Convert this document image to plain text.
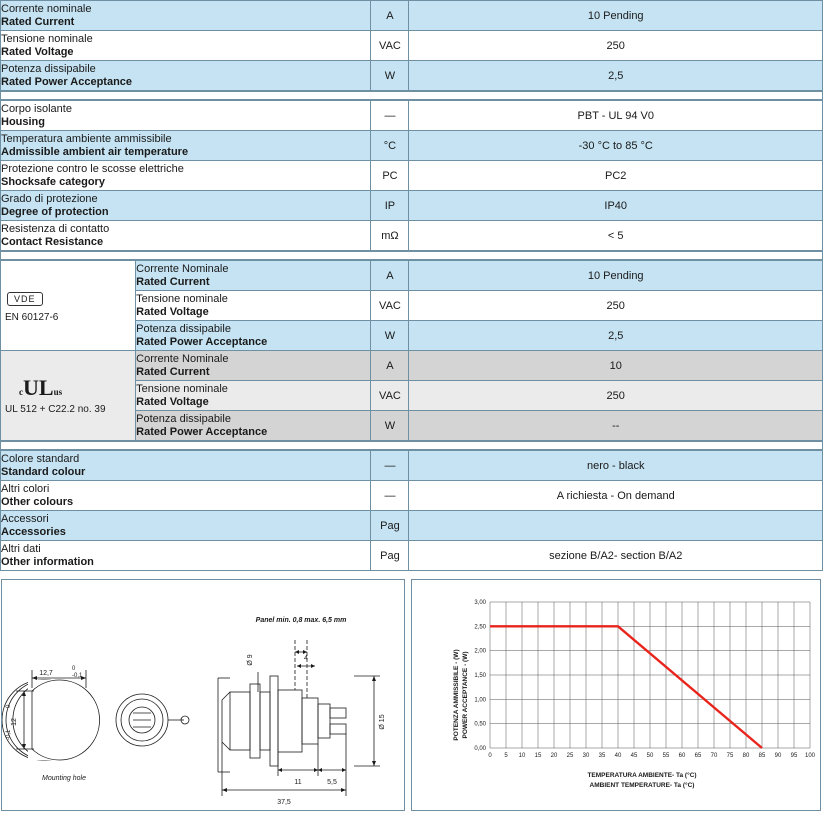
Corrente nominale
Rated Current	A	10 Pending

Tensione nominale
Rated Voltage	VAC	250

Potenza dissipabile
Rated Power Acceptance	W	2,5
Corpo isolante
Housing	—	PBT - UL 94 V0

Temperatura ambiente ammissibile
Admissible ambient air temperature	°C	-30 °C to 85 °C

Protezione contro le scosse elettriche
Shocksafe category	PC	PC2

Grado di protezione
Degree of protection	IP	IP40

Resistenza di contatto
Contact Resistance	mΩ	< 5
VDE
EN 60127-6

Corrente Nominale
Rated Current	A	10 Pending

	Tensione nominale
Rated Voltage	VAC	250

	Potenza dissipabile
Rated Power Acceptance	W	2,5

cULus
UL 512 + C22.2 no. 39

Corrente Nominale
Rated Current	A	10

	Tensione nominale
Rated Voltage	VAC	250

	Potenza dissipabile
Rated Power Acceptance	W	--
Colore standard
Standard colour	—	nero - black

Altri colori
Other colours	—	A richiesta - On demand

Accessori
Accessories	Pag	

Altri dati
Other information	Pag	sezione B/A2- section B/A2
12,7
0
-0,1
12
0
-0,1
Mounting hole
Panel min. 0,8 max. 6,5 mm
Ø 9	4
Ø 15
11	5,5
37,5
0 5 10 15 20 25 30 35 40 45 50 55 60 65 70 75 80 85 90 95 100
0,00
0,50
1,00
1,50
2,00
2,50
3,00
POTENZA AMMISSIBILE - (W) POWER ACCEPTANCE - (W)
TEMPERATURA AMBIENTE- Ta (°C)
AMBIENT TEMPERATURE- Ta (°C)
